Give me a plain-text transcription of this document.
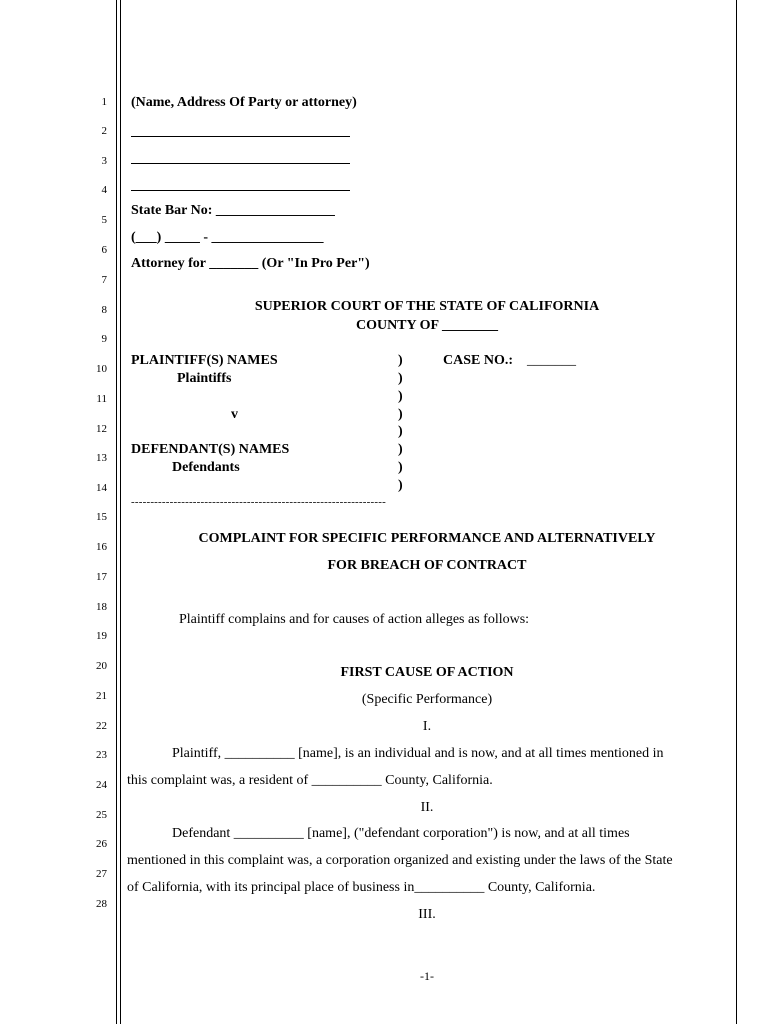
1
2
3
4
5
6
7
8
9
10
11
12
13
14
15
16
17
18
19
20
21
22
23
24
25
26
27
28
(Name, Address Of Party or attorney)
State Bar No: _________________
(___) _____ - ________________
Attorney for _______ (Or "In Pro Per")
SUPERIOR COURT OF THE STATE OF CALIFORNIA
COUNTY OF ________
PLAINTIFF(S) NAMES
Plaintiffs
v
DEFENDANT(S) NAMES
Defendants
)
)
)
)
)
)
)
)
CASE NO.: _______
------------------------------------------------------------------
COMPLAINT FOR SPECIFIC PERFORMANCE AND ALTERNATIVELY
FOR BREACH OF CONTRACT
Plaintiff complains and for causes of action alleges as follows:
FIRST CAUSE OF ACTION
(Specific Performance)
I.
Plaintiff, __________ [name], is an individual and is now, and at all times mentioned in
this complaint was, a resident of __________ County, California.
II.
Defendant __________ [name], ("defendant corporation") is now, and at all times
mentioned in this complaint was, a corporation organized and existing under the laws of the State
of California, with its principal place of business in__________ County, California.
III.
-1-
